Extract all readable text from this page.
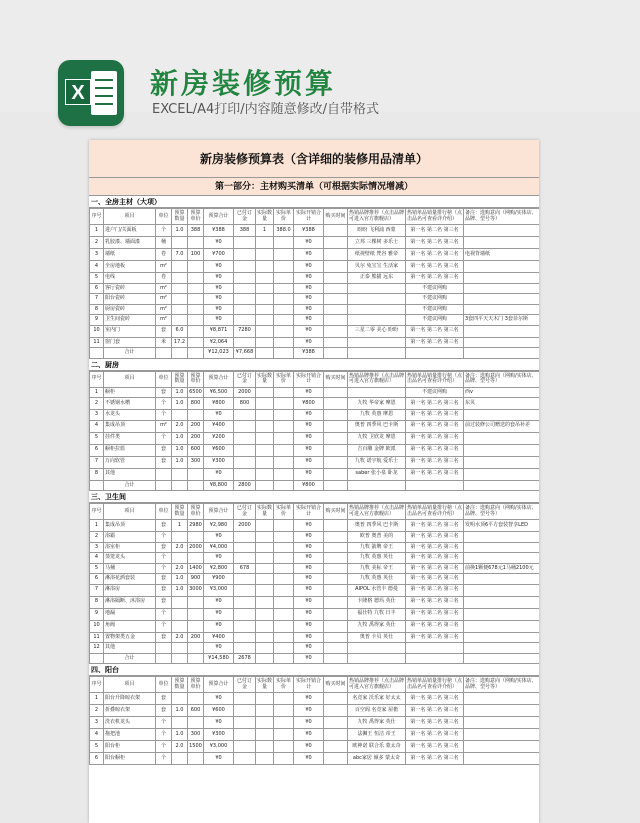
X 新房装修预算
EXCEL/A4打印/内容随意修改/自带格式
新房装修预算表（含详细的装修用品清单）
第一部分：主材购买清单（可根据实际情况增减）
一、全房主材（大项）
序号	项目	单位	预算数量	预算单价	预算合计	已付订金	实际数量	实际单价	实际开销合计	购买时间	热销品牌推荐（点击品牌可进入官方旗舰店）	热销单品销量排行榜（点击品名可查看详介绍）	备注：选购意向（网购/实体店、品牌、型号等）
1	进户门/关面板	个	1.0	388	¥388	388	1	388.0	¥388		盼盼 飞利浦 西蒙	第一名 第二名 第三名	
2	乳胶漆、墙面漆	桶			¥0				¥0		立邦 三棵树 多乐士	第一名 第二名 第三名	
3	墙纸	卷	7.0	100	¥700				¥0		纸视壁纸 梵谷 雅帝	第一名 第二名 第三名	电视背墙纸
4	全房地板	m²			¥0				¥0		贝尔 兔宝宝 生活家	第一名 第二名 第三名	
5	电线	卷			¥0				¥0		正泰 熊猫 远东	第一名 第二名 第三名	
6	客厅瓷砖	m²			¥0				¥0			不建议网购	
7	阳台瓷砖	m²			¥0				¥0			不建议网购	
8	厨房瓷砖	m²			¥0				¥0			不建议网购	
9	卫生间瓷砖	m²			¥0				¥0			不建议网购	3套四平天天木门 3套菲尔斯
10	室内门	套	6.0		¥8,871	7280			¥0		三星二零 美心 盼盼	第一名 第二名 第三名	
11	窗门套	米	17.2		¥2,064				¥0			第一名 第二名 第三名	
	合计				¥12,023	¥7,668			¥388				
二、厨房
序号	项目	单位	预算数量	预算单价	预算合计	已付订金	实际数量	实际单价	实际开销合计	购买时间	热销品牌推荐（点击品牌可进入官方旗舰店）	热销单品销量排行榜（点击品名可查看详介绍）	备注：选购意向（网购/实体店、品牌、型号等）
1	橱柜	套	1.0	6500	¥6,500	2000			¥0			不建议网购	西v
2	不锈钢水槽	个	1.0	800	¥800	800			¥800		九牧 华帝家 摩恩	第一名 第二名 第三名	东贝
3	水龙头	个			¥0				¥0		九牧 英惠 摩恩	第一名 第二名 第三名	
4	集成吊顶	m²	2.0	200	¥400				¥0		奥普 四季风 巴卡斯	第一名 第二名 第三名	前过装修公司赠送的套吊补差
5	挂件类	个	1.0	200	¥200				¥0		九牧 卫欣龙 摩恩	第一名 第二名 第三名	
6	橱柜拉篮	套	1.0	600	¥600				¥0		吉百雕 金牌 欧派	第一名 第二名 第三名	
7	万向软管	套	1.0	300	¥300				¥0		九牧 诺宇航 爱乐士	第一名 第二名 第三名	
8	其他				¥0				¥0		saber 张小泉 卧龙	第一名 第二名 第三名	
	合计				¥8,800	2800			¥800				
三、卫生间
序号	项目	单位	预算数量	预算单价	预算合计	已付订金	实际数量	实际单价	实际开销合计	购买时间	热销品牌推荐（点击品牌可进入官方旗舰店）	热销单品销量排行榜（点击品名可查看详介绍）	备注：选购意向（网购/实体店、品牌、型号等）
1	集成吊顶	套	1	2980	¥2,980	2000			¥0		奥普 四季风 巴卡斯	第一名 第二名 第三名	发明水顶6平方套装智享LED
2	浴霸	个			¥0				¥0		欧普 奥普 美的	第一名 第二名 第三名	
3	浴室柜	套	2.0	2000	¥4,000				¥0		九牧 箭牌 帝王	第一名 第二名 第三名	
4	蒸笼龙头	个			¥0				¥0		九牧 英惠 英仕	第一名 第二名 第三名	
5	马桶	个	2.0	1400	¥2,800	678			¥0		九牧 美标 帝王	第一名 第二名 第三名	前换1颗便678元1马桶2100元
6	淋浴花洒套装	套	1.0	900	¥900				¥0		九牧 英惠 英仕	第一名 第二名 第三名	
7	淋浴房	套	1.0	3000	¥3,000				¥0		AIPOL 水管丰 德曼	第一名 第二名 第三名	
8	淋浴隔断、沐浴房	套			¥0				¥0		卡隆格 德玛 英仕	第一名 第二名 第三名	
9	地漏	个			¥0				¥0		福仕特 九牧 日丰	第一名 第二名 第三名	
10	角阀	个			¥0				¥0		九牧 禹得家 英仕	第一名 第二名 第三名	
11	置物架类五金	套	2.0	200	¥400				¥0		奥普 卡贝 英仕	第一名 第二名 第三名	
12	其他				¥0				¥0				
	合计				¥14,580	2678			¥0				
四、阳台
序号	项目	单位	预算数量	预算单价	预算合计	已付订金	实际数量	实际单价	实际开销合计	购买时间	热销品牌推荐（点击品牌可进入官方旗舰店）	热销单品销量排行榜（点击品名可查看详介绍）	备注：选购意向（网购/实体店、品牌、型号等）
1	阳台升降晾衣架	套			¥0				¥0		名竞家 沃乐家 好太太	第一名 第二名 第三名	
2	折叠晾衣架	套	1.0	600	¥600				¥0		百空阁 名竞家 屋檐	第一名 第二名 第三名	
3	洗衣机龙头	个			¥0				¥0		九牧 禹得家 英仕	第一名 第二名 第三名	
4	拖把池	个	1.0	300	¥300				¥0		法狮王 恒洁 帝王	第一名 第二名 第三名	
5	阳台柜	个	2.0	1500	¥3,000				¥0		欧神诺 联合乐 蒙太奇	第一名 第二名 第三名	
6	阳台橱柜	个			¥0				¥0		abc家居 倾多 蒙太奇	第一名 第二名 第三名	
